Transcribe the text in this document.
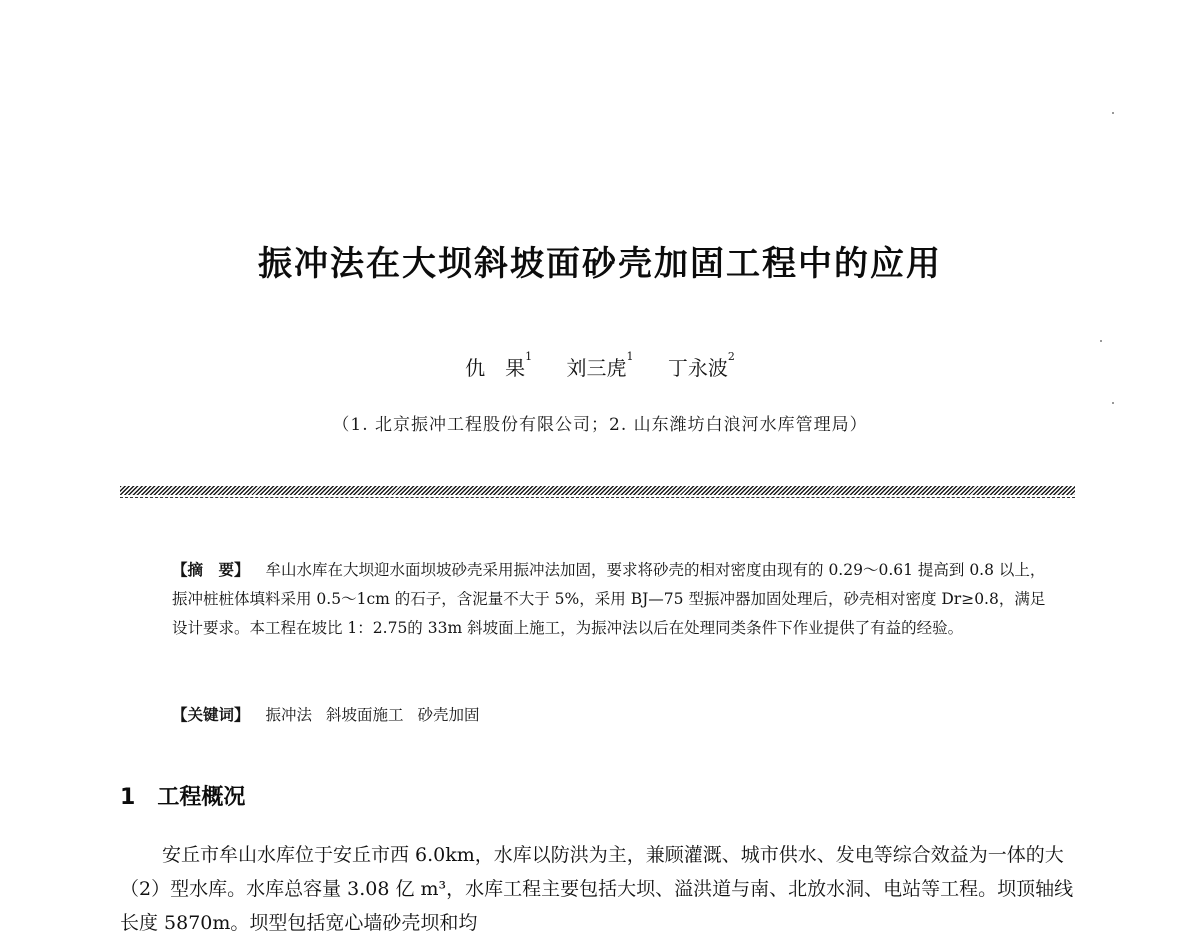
振冲法在大坝斜坡面砂壳加固工程中的应用
仇　果$^1$ 刘三虎$^1$ 丁永波$^2$
（1. 北京振冲工程股份有限公司；2. 山东潍坊白浪河水库管理局）

【摘　要】 牟山水库在大坝迎水面坝坡砂壳采用振冲法加固，要求将砂壳的相对密度由现有的 0.29～0.61 提高到 0.8 以上，振冲桩桩体填料采用 0.5～1cm 的石子，含泥量不大于 5%，采用 BJ—75 型振冲器加固处理后，砂壳相对密度 Dr≥0.8，满足设计要求。本工程在坡比 1：2.75的 33m 斜坡面上施工，为振冲法以后在处理同类条件下作业提供了有益的经验。

【关键词】 振冲法 斜坡面施工 砂壳加固
1 工程概况

安丘市牟山水库位于安丘市西 6.0km，水库以防洪为主，兼顾灌溉、城市供水、发电等综合效益为一体的大（2）型水库。水库总容量 3.08 亿 m³，水库工程主要包括大坝、溢洪道与南、北放水洞、电站等工程。坝顶轴线长度 5870m。坝型包括宽心墙砂壳坝和均
